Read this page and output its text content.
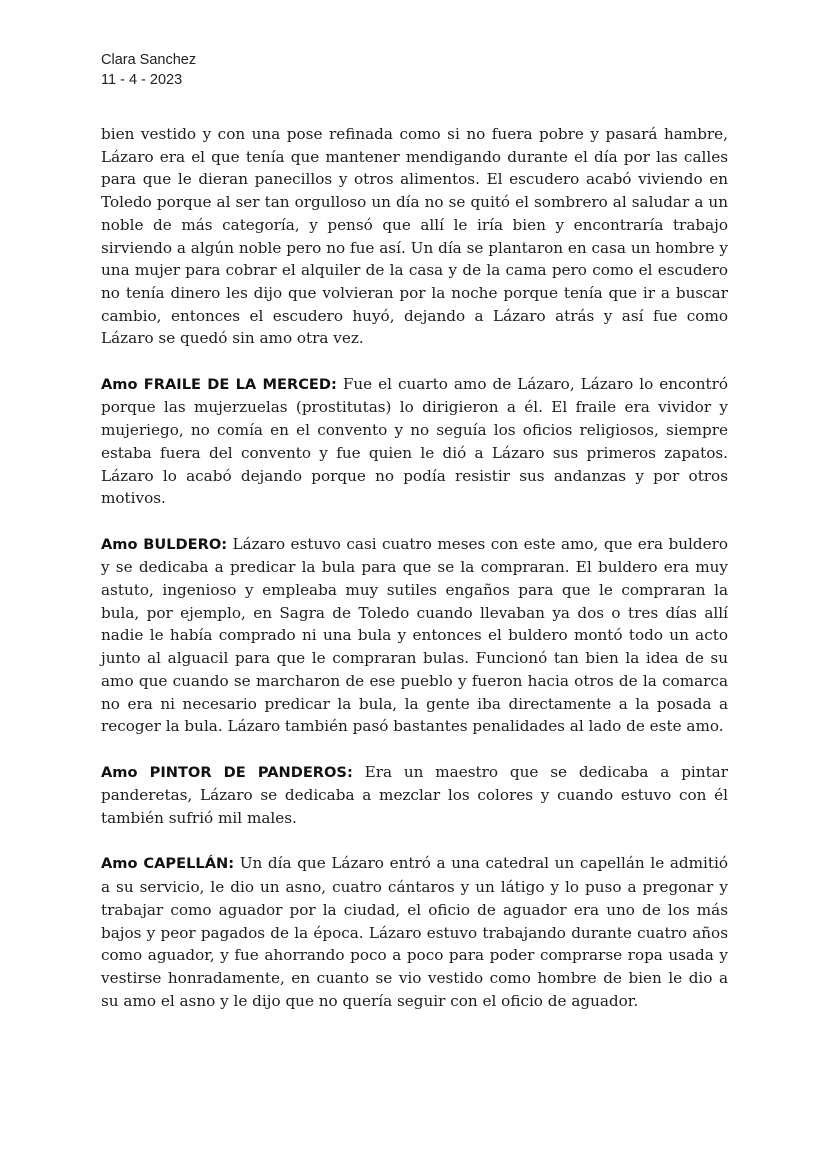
Clara Sanchez
11 - 4 - 2023

bien vestido y con una pose refinada como si no fuera pobre y pasará hambre, Lázaro era el que tenía que mantener mendigando durante el día por las calles para que le dieran panecillos y otros alimentos. El escudero acabó viviendo en Toledo porque al ser tan orgulloso un día no se quitó el sombrero al saludar a un noble de más categoría, y pensó que allí le iría bien y encontraría trabajo sirviendo a algún noble pero no fue así. Un día se plantaron en casa un hombre y una mujer para cobrar el alquiler de la casa y de la cama pero como el escudero no tenía dinero les dijo que volvieran por la noche porque tenía que ir a buscar cambio, entonces el escudero huyó, dejando a Lázaro atrás y así fue como Lázaro se quedó sin amo otra vez.

Amo FRAILE DE LA MERCED: Fue el cuarto amo de Lázaro, Lázaro lo encontró porque las mujerzuelas (prostitutas) lo dirigieron a él. El fraile era vividor y mujeriego, no comía en el convento y no seguía los oficios religiosos, siempre estaba fuera del convento y fue quien le dió a Lázaro sus primeros zapatos. Lázaro lo acabó dejando porque no podía resistir sus andanzas y por otros motivos.

Amo BULDERO: Lázaro estuvo casi cuatro meses con este amo, que era buldero y se dedicaba a predicar la bula para que se la compraran. El buldero era muy astuto, ingenioso y empleaba muy sutiles engaños para que le compraran la bula, por ejemplo, en Sagra de Toledo cuando llevaban ya dos o tres días allí nadie le había comprado ni una bula y entonces el buldero montó todo un acto junto al alguacil para que le compraran bulas. Funcionó tan bien la idea de su amo que cuando se marcharon de ese pueblo y fueron hacia otros de la comarca no era ni necesario predicar la bula, la gente iba directamente a la posada a recoger la bula. Lázaro también pasó bastantes penalidades al lado de este amo.

Amo PINTOR DE PANDEROS: Era un maestro que se dedicaba a pintar panderetas, Lázaro se dedicaba a mezclar los colores y cuando estuvo con él también sufrió mil males.

Amo CAPELLÁN: Un día que Lázaro entró a una catedral un capellán le admitió a su servicio, le dio un asno, cuatro cántaros y un látigo y lo puso a pregonar y trabajar como aguador por la ciudad, el oficio de aguador era uno de los más bajos y peor pagados de la época. Lázaro estuvo trabajando durante cuatro años como aguador, y fue ahorrando poco a poco para poder comprarse ropa usada y vestirse honradamente, en cuanto se vio vestido como hombre de bien le dio a su amo el asno y le dijo que no quería seguir con el oficio de aguador.
